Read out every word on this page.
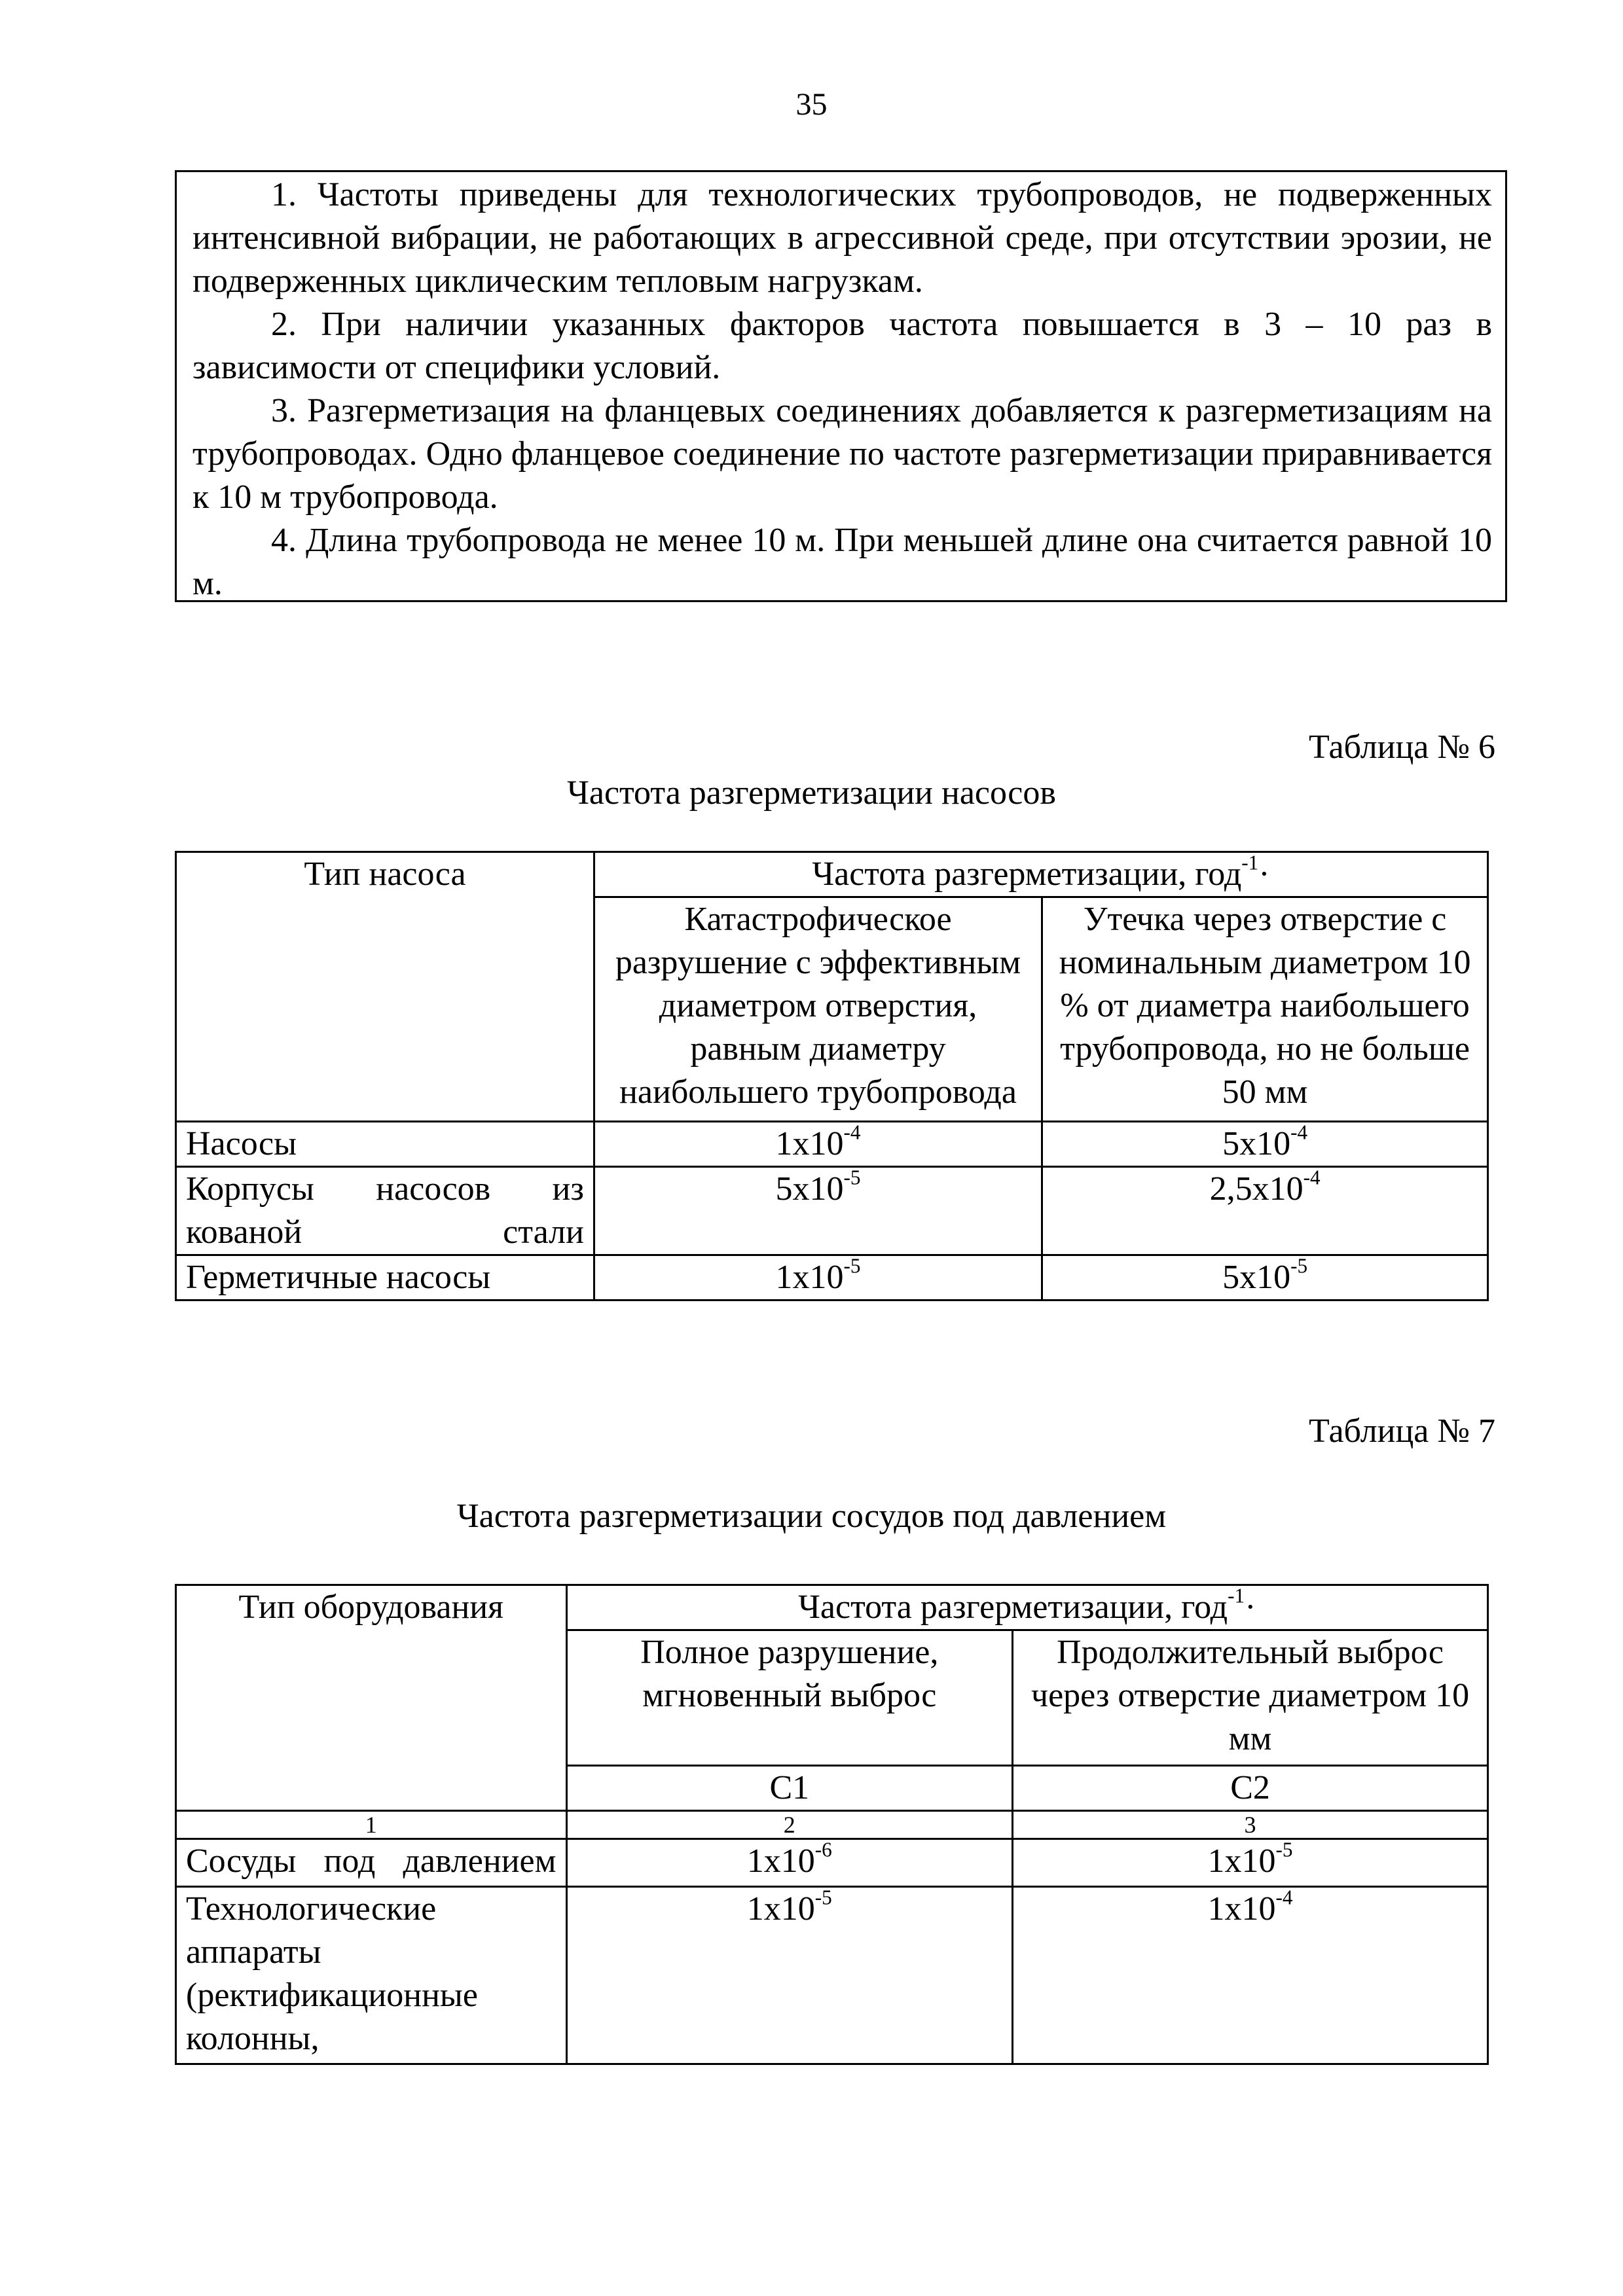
35

1. Частоты приведены для технологических трубопроводов, не подверженных интенсивной вибрации, не работающих в агрессивной среде, при отсутствии эрозии, не подверженных циклическим тепловым нагрузкам.

2. При наличии указанных факторов частота повышается в 3 – 10 раз в зависимости от специфики условий.

3. Разгерметизация на фланцевых соединениях добавляется к разгерметизациям на трубопроводах. Одно фланцевое соединение по частоте разгерметизации приравнивается к 10 м трубопровода.

4. Длина трубопровода не менее 10 м. При меньшей длине она считается равной 10 м.

Таблица № 6
Частота разгерметизации насосов
Тип насоса	Частота разгерметизации, год$^{-1}$·	
	Катастрофическое разрушение с эффективным диаметром отверстия, равным диаметру наибольшего трубопровода	Утечка через отверстие с номинальным диаметром 10 % от диаметра наибольшего трубопровода, но не больше 50 мм
Насосы	$1x10^{-4}$	$5x10^{-4}$
Корпусы насосов из кованой стали	$5x10^{-5}$	$2,5x10^{-4}$
Герметичные насосы	$1x10^{-5}$	$5x10^{-5}$
Таблица № 7
Частота разгерметизации сосудов под давлением
Тип оборудования	Частота разгерметизации, год$^{-1}$·	
	Полное разрушение, мгновенный выброс	Продолжительный выброс через отверстие диаметром 10 мм
	C1	C2
1	2	3
Сосуды под давлением	$1x10^{-6}$	$1x10^{-5}$
Технологические аппараты (ректификационные колонны,	$1x10^{-5}$	$1x10^{-4}$
